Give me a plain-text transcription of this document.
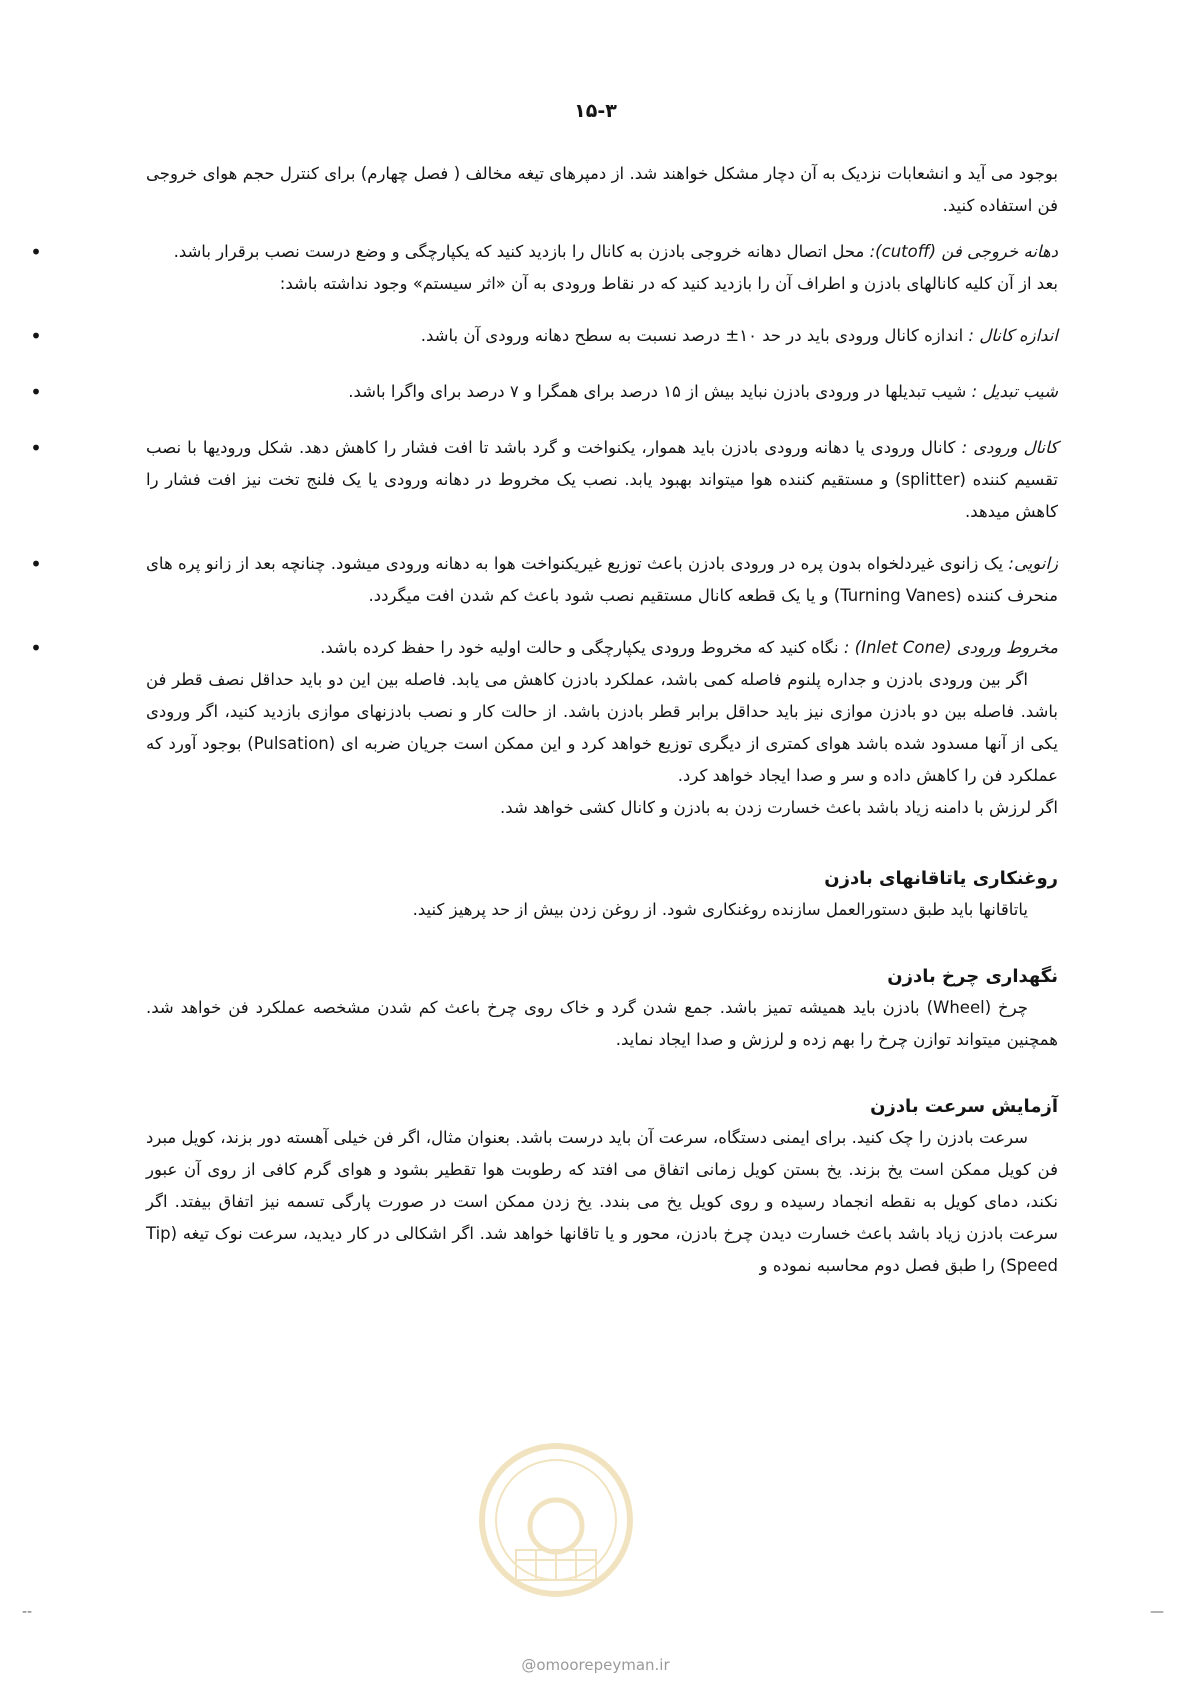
۱۵-۳

بوجود می آید و انشعابات نزدیک به آن دچار مشکل خواهند شد. از دمپرهای تیغه مخالف ( فصل چهارم) برای کنترل حجم هوای خروجی فن استفاده کنید.

•	دهانه خروجی فن (cutoff): محل اتصال دهانه خروجی بادزن به کانال را بازدید کنید که یکپارچگی و وضع درست نصب برقرار باشد.

بعد از آن کلیه کانالهای بادزن و اطراف آن را بازدید کنید که در نقاط ورودی به آن «اثر سیستم» وجود نداشته باشد:

•	اندازه کانال : اندازه کانال ورودی باید در حد ۱۰± درصد نسبت به سطح دهانه ورودی آن باشد.
•	شیب تبدیل : شیب تبدیلها در ورودی بادزن نباید بیش از ۱۵ درصد برای همگرا و ۷ درصد برای واگرا باشد.
•	کانال ورودی : کانال ورودی یا دهانه ورودی بادزن باید هموار، یکنواخت و گرد باشد تا افت فشار را کاهش دهد. شکل ورودیها با نصب تقسیم کننده (splitter) و مستقیم کننده هوا میتواند بهبود یابد. نصب یک مخروط در دهانه ورودی یا یک فلنج تخت نیز افت فشار را کاهش میدهد.
•	زانویی: یک زانوی غیردلخواه بدون پره در ورودی بادزن باعث توزیع غیریکنواخت هوا به دهانه ورودی میشود. چنانچه بعد از زانو پره های منحرف کننده (Turning Vanes) و یا یک قطعه کانال مستقیم نصب شود باعث کم شدن افت میگردد.
•	مخروط ورودی (Inlet Cone) : نگاه کنید که مخروط ورودی یکپارچگی و حالت اولیه خود را حفظ کرده باشد.

اگر بین ورودی بادزن و جداره پلنوم فاصله کمی باشد، عملکرد بادزن کاهش می یابد. فاصله بین این دو باید حداقل نصف قطر فن باشد. فاصله بین دو بادزن موازی نیز باید حداقل برابر قطر بادزن باشد. از حالت کار و نصب بادزنهای موازی بازدید کنید، اگر ورودی یکی از آنها مسدود شده باشد هوای کمتری از دیگری توزیع خواهد کرد و این ممکن است جریان ضربه ای (Pulsation) بوجود آورد که عملکرد فن را کاهش داده و سر و صدا ایجاد خواهد کرد.

اگر لرزش با دامنه زیاد باشد باعث خسارت زدن به بادزن و کانال کشی خواهد شد.

روغنکاری یاتاقانهای بادزن

یاتاقانها باید طبق دستورالعمل سازنده روغنکاری شود. از روغن زدن بیش از حد پرهیز کنید.

نگهداری چرخ بادزن

چرخ (Wheel) بادزن باید همیشه تمیز باشد. جمع شدن گرد و خاک روی چرخ باعث کم شدن مشخصه عملکرد فن خواهد شد. همچنین میتواند توازن چرخ را بهم زده و لرزش و صدا ایجاد نماید.

آزمایش سرعت بادزن

سرعت بادزن را چک کنید. برای ایمنی دستگاه، سرعت آن باید درست باشد. بعنوان مثال، اگر فن خیلی آهسته دور بزند، کویل مبرد فن کویل ممکن است یخ بزند. یخ بستن کویل زمانی اتفاق می افتد که رطوبت هوا تقطیر بشود و هوای گرم کافی از روی آن عبور نکند، دمای کویل به نقطه انجماد رسیده و روی کویل یخ می بندد. یخ زدن ممکن است در صورت پارگی تسمه نیز اتفاق بیفتد. اگر سرعت بادزن زیاد باشد باعث خسارت دیدن چرخ بادزن، محور و یا تاقانها خواهد شد. اگر اشکالی در کار دیدید، سرعت نوک تیغه (Tip Speed) را طبق فصل دوم محاسبه نموده و

--	—
@omoorepeyman.ir
